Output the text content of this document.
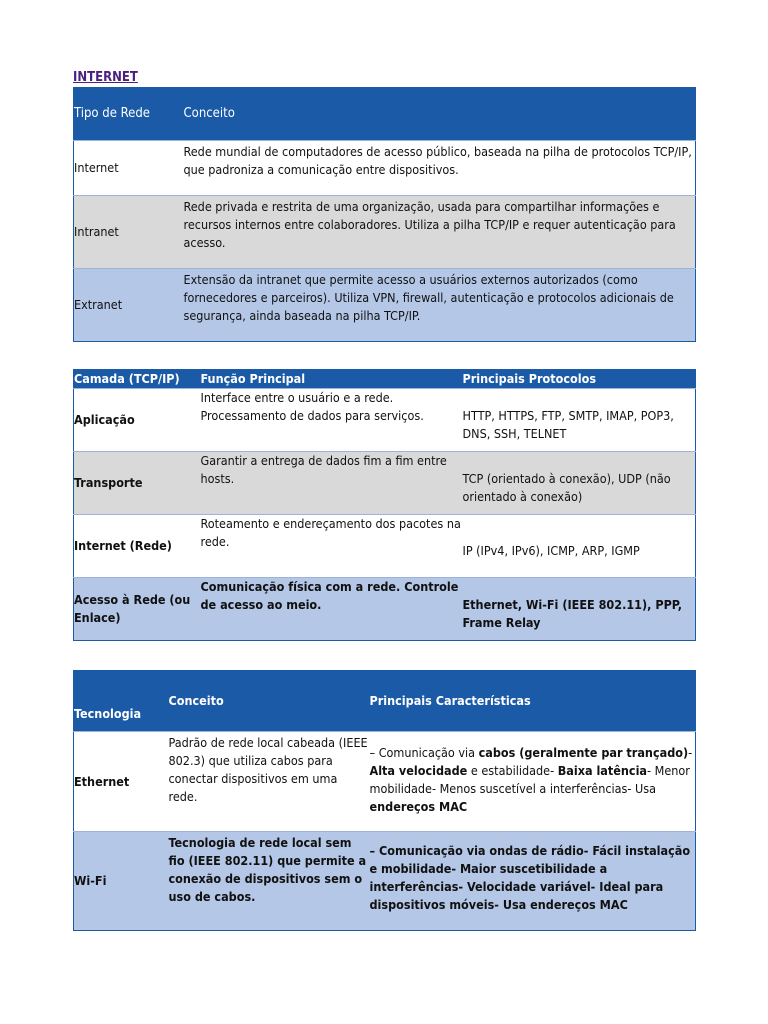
INTERNET
Tipo de Rede	Conceito
Internet	Rede mundial de computadores de acesso público, baseada na pilha de protocolos TCP/IP, que padroniza a comunicação entre dispositivos.
Intranet	Rede privada e restrita de uma organização, usada para compartilhar informações e recursos internos entre colaboradores. Utiliza a pilha TCP/IP e requer autenticação para acesso.
Extranet	Extensão da intranet que permite acesso a usuários externos autorizados (como fornecedores e parceiros). Utiliza VPN, firewall, autenticação e protocolos adicionais de segurança, ainda baseada na pilha TCP/IP.
Camada (TCP/IP)	Função Principal	Principais Protocolos
Aplicação	Interface entre o usuário e a rede. Processamento de dados para serviços.	HTTP, HTTPS, FTP, SMTP, IMAP, POP3, DNS, SSH, TELNET
Transporte	Garantir a entrega de dados fim a fim entre hosts.	TCP (orientado à conexão), UDP (não orientado à conexão)
Internet (Rede)	Roteamento e endereçamento dos pacotes na rede.	IP (IPv4, IPv6), ICMP, ARP, IGMP
Acesso à Rede (ou Enlace)	Comunicação física com a rede. Controle de acesso ao meio.	Ethernet, Wi-Fi (IEEE 802.11), PPP, Frame Relay
Tecnologia	Conceito	Principais Características
Ethernet	Padrão de rede local cabeada (IEEE 802.3) que utiliza cabos para conectar dispositivos em uma rede.	– Comunicação via cabos (geralmente par trançado)- Alta velocidade e estabilidade- Baixa latência- Menor mobilidade- Menos suscetível a interferências- Usa endereços MAC
Wi-Fi	Tecnologia de rede local sem fio (IEEE 802.11) que permite a conexão de dispositivos sem o uso de cabos.	– Comunicação via ondas de rádio- Fácil instalação e mobilidade- Maior suscetibilidade a interferências- Velocidade variável- Ideal para dispositivos móveis- Usa endereços MAC
